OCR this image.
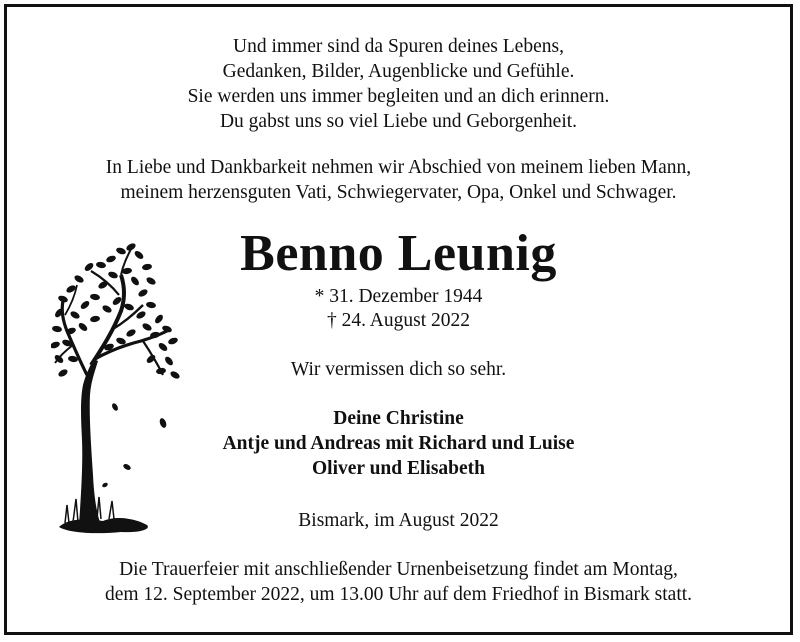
Und immer sind da Spuren deines Lebens,
Gedanken, Bilder, Augenblicke und Gefühle.
Sie werden uns immer begleiten und an dich erinnern.
Du gabst uns so viel Liebe und Geborgenheit.
In Liebe und Dankbarkeit nehmen wir Abschied von meinem lieben Mann,
meinem herzensguten Vati, Schwiegervater, Opa, Onkel und Schwager.
Benno Leunig
* 31. Dezember 1944
† 24. August 2022
Wir vermissen dich so sehr.
Deine Christine
Antje und Andreas mit Richard und Luise
Oliver und Elisabeth
Bismark, im August 2022
Die Trauerfeier mit anschließender Urnenbeisetzung findet am Montag,
dem 12. September 2022, um 13.00 Uhr auf dem Friedhof in Bismark statt.
